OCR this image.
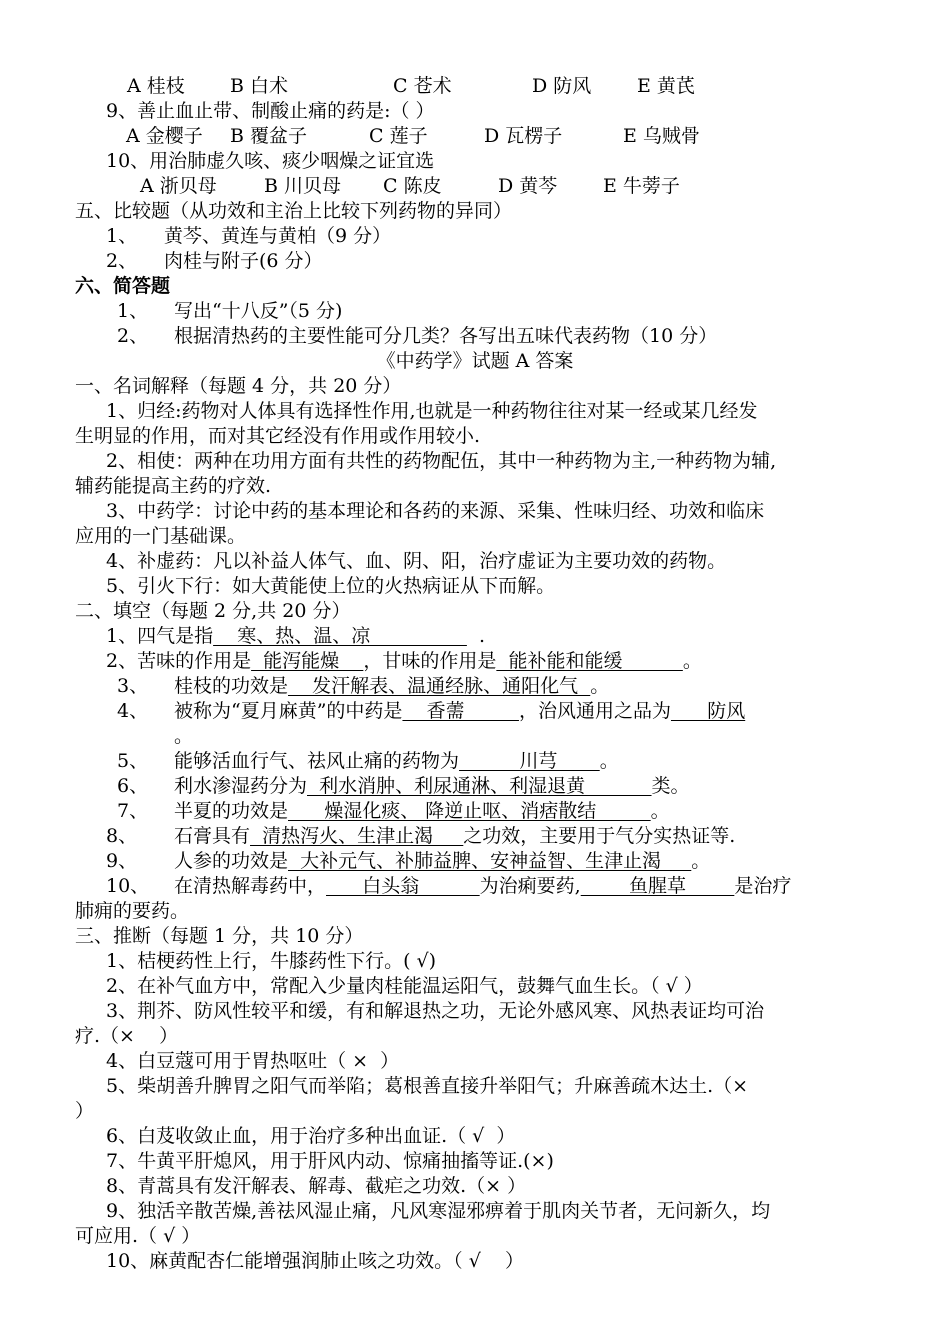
A 桂枝 B 白术	C 苍术	D 防风 E 黄芪
9、善止血止带、制酸止痛的药是:（ ）
A 金樱子 B 覆盆子	C 莲子	D 瓦楞子	E 乌贼骨
10、用治肺虚久咳、痰少咽燥之证宜选
A 浙贝母 B 川贝母 C 陈皮	D 黄芩 E 牛蒡子
五、比较题（从功效和主治上比较下列药物的异同）
1、 黄芩、黄连与黄柏（9 分）
2、 肉桂与附子(6 分）
六、简答题
1、 写出“十八反”（5 分)
2、 根据清热药的主要性能可分几类？各写出五味代表药物（10 分）
《中药学》试题 A 答案
一、名词解释（每题 4 分，共 20 分）
1、归经:药物对人体具有选择性作用,也就是一种药物往往对某一经或某几经发
生明显的作用，而对其它经没有作用或作用较小.
2、相使：两种在功用方面有共性的药物配伍，其中一种药物为主,一种药物为辅,
辅药能提高主药的疗效.
3、中药学：讨论中药的基本理论和各药的来源、采集、性味归经、功效和临床
应用的一门基础课。
4、补虚药：凡以补益人体气、血、阴、阳，治疗虚证为主要功效的药物。
5、引火下行：如大黄能使上位的火热病证从下而解。
二、填空（每题 2 分,共 20 分）
1、四气是指    寒、热、温、凉                  .
2、苦味的作用是  能泻能燥    ，甘味的作用是  能补能和能缓          。
3、 桂枝的功效是    发汗解表、温通经脉、通阳化气  。
4、 被称为“夏月麻黄”的中药是    香薷         ，治风通用之品为      防风
。
5、 能够活血行气、祛风止痛的药物为          川芎       。
6、 利水渗湿药分为  利水消肿、利尿通淋、利湿退黄           类。
7、 半夏的功效是      燥湿化痰、 降逆止呕、消痞散结         。
8、 石膏具有  清热泻火、生津止渴     之功效，主要用于气分实热证等.
9、 人参的功效是  大补元气、补肺益脾、安神益智、生津止渴     。
10、 在清热解毒药中，      白头翁          为治痢要药,        鱼腥草        是治疗
肺痈的要药。
三、推断（每题 1 分，共 10 分）
1、桔梗药性上行，牛膝药性下行。( √)
2、在补气血方中，常配入少量肉桂能温运阳气，鼓舞气血生长。（ √ ）
3、荆芥、防风性较平和缓，有和解退热之功，无论外感风寒、风热表证均可治
疗.（×    ）
4、白豆蔻可用于胃热呕吐（ ×  ）
5、柴胡善升脾胃之阳气而举陷；葛根善直接升举阳气；升麻善疏木达土.（×
）
6、白芨收敛止血，用于治疗多种出血证.（ √  ）
7、牛黄平肝熄风，用于肝风内动、惊痛抽搐等证.(×)
8、青蒿具有发汗解表、解毒、截疟之功效.（× ）
9、独活辛散苦燥,善祛风湿止痛，凡风寒湿邪痹着于肌肉关节者，无问新久，均
可应用.（ √ ）
10、麻黄配杏仁能增强润肺止咳之功效。（ √    ）
